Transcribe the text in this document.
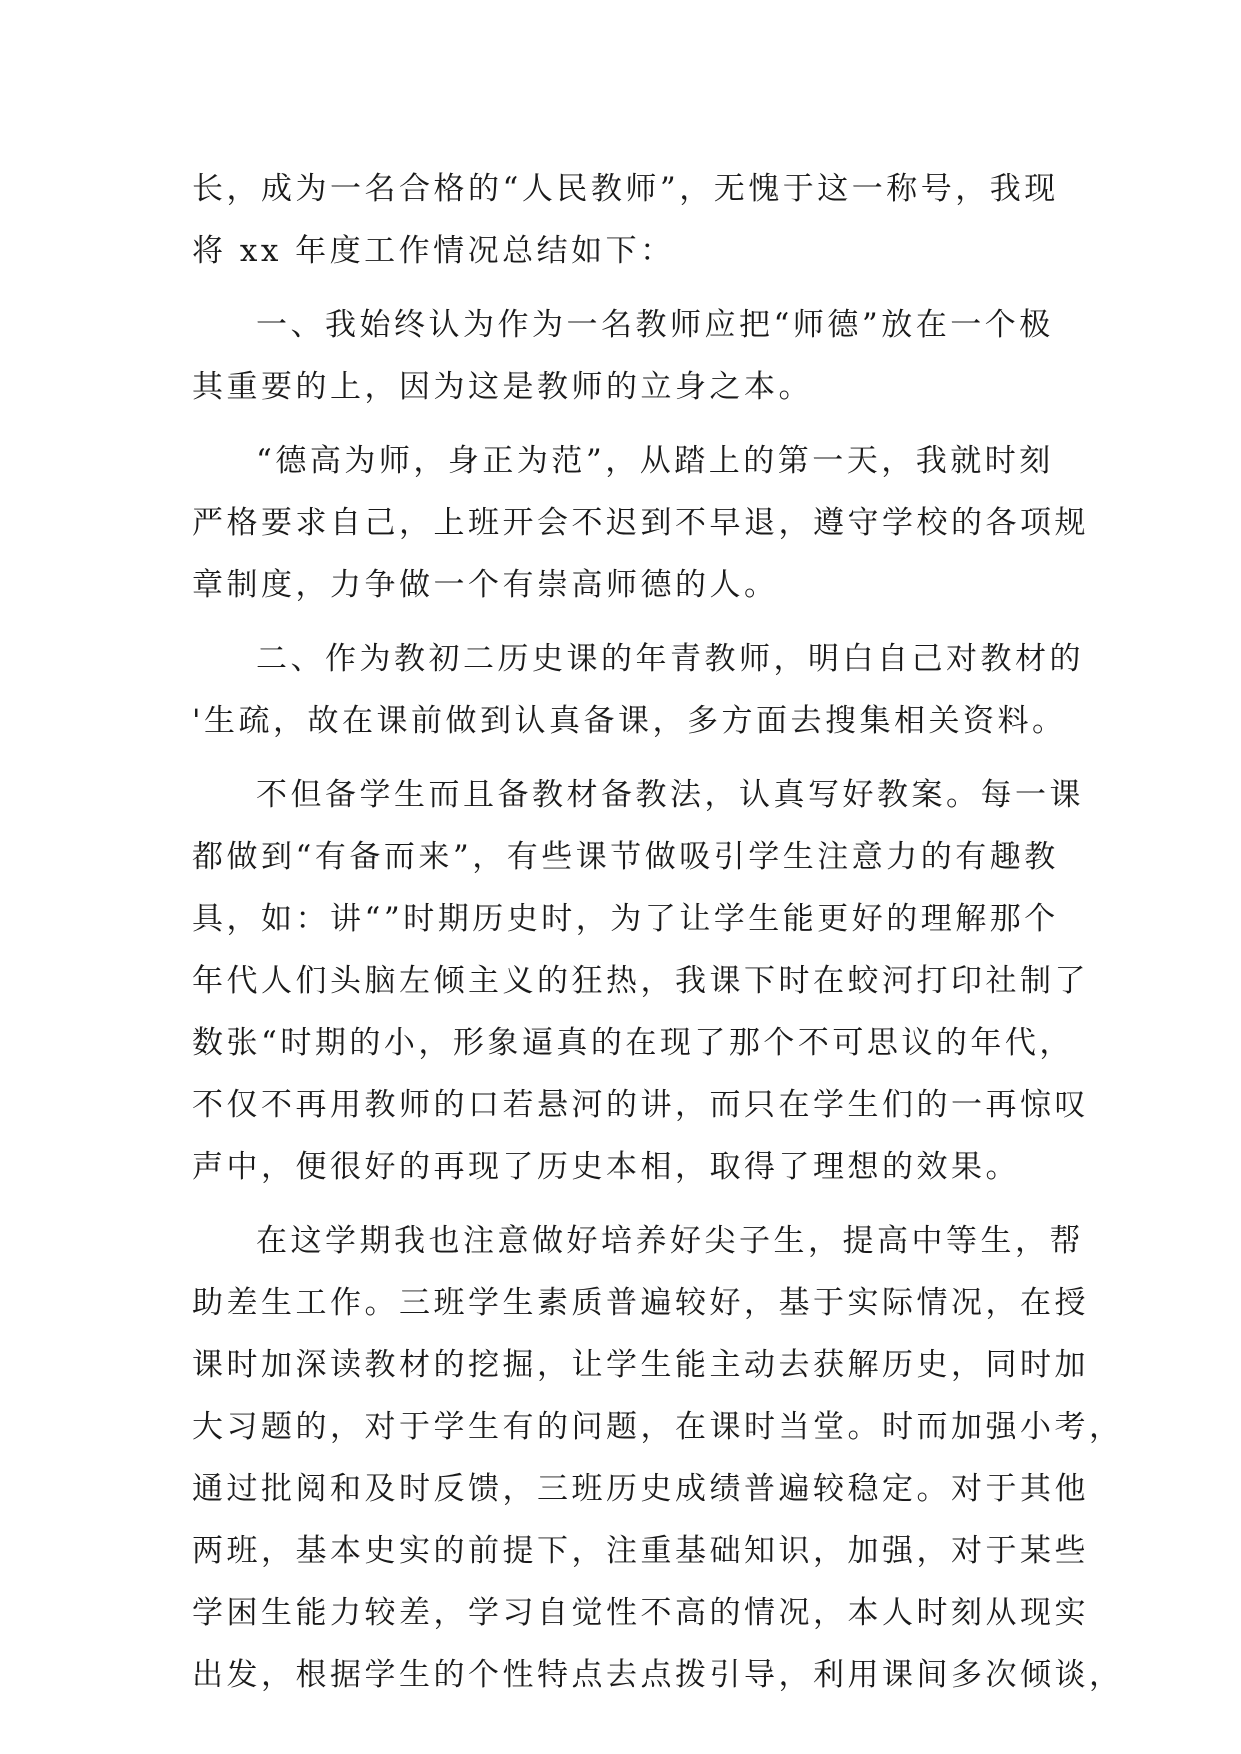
长，成为一名合格的“人民教师”，无愧于这一称号，我现
将 xx 年度工作情况总结如下：
一、我始终认为作为一名教师应把“师德”放在一个极
其重要的上，因为这是教师的立身之本。
“德高为师，身正为范”，从踏上的第一天，我就时刻
严格要求自己，上班开会不迟到不早退，遵守学校的各项规
章制度，力争做一个有崇高师德的人。
二、作为教初二历史课的年青教师，明白自己对教材的
'生疏，故在课前做到认真备课，多方面去搜集相关资料。
不但备学生而且备教材备教法，认真写好教案。每一课
都做到“有备而来”，有些课节做吸引学生注意力的有趣教
具，如：讲“”时期历史时，为了让学生能更好的理解那个
年代人们头脑左倾主义的狂热，我课下时在蛟河打印社制了
数张“时期的小，形象逼真的在现了那个不可思议的年代，
不仅不再用教师的口若悬河的讲，而只在学生们的一再惊叹
声中，便很好的再现了历史本相，取得了理想的效果。
在这学期我也注意做好培养好尖子生，提高中等生，帮
助差生工作。三班学生素质普遍较好，基于实际情况，在授
课时加深读教材的挖掘，让学生能主动去获解历史，同时加
大习题的，对于学生有的问题，在课时当堂。时而加强小考，
通过批阅和及时反馈，三班历史成绩普遍较稳定。对于其他
两班，基本史实的前提下，注重基础知识，加强，对于某些
学困生能力较差，学习自觉性不高的情况，本人时刻从现实
出发，根据学生的个性特点去点拨引导，利用课间多次倾谈，
